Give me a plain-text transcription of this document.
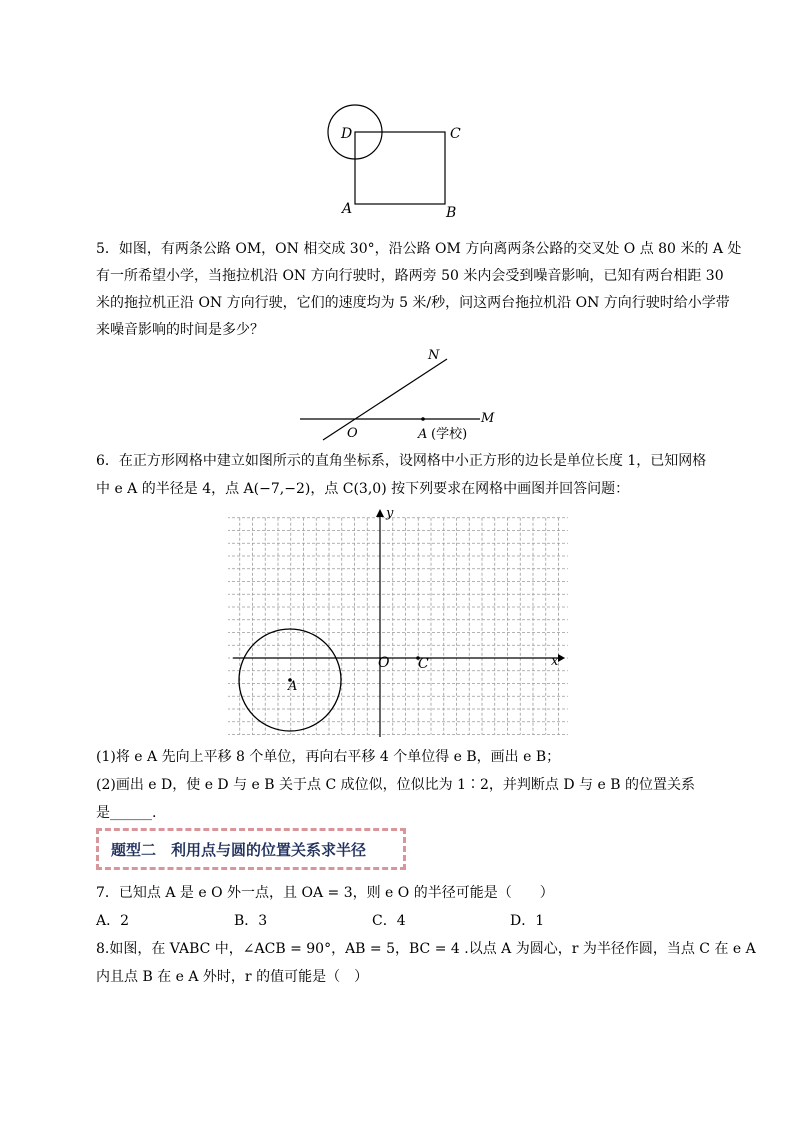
D	C
A	B
5．如图，有两条公路 OM，ON 相交成 30°，沿公路 OM 方向离两条公路的交叉处 O 点 80 米的 A 处
有一所希望小学，当拖拉机沿 ON 方向行驶时，路两旁 50 米内会受到噪音影响，已知有两台相距 30
米的拖拉机正沿 ON 方向行驶，它们的速度均为 5 米/秒，问这两台拖拉机沿 ON 方向行驶时给小学带
来噪音影响的时间是多少？
N
M
O	A (学校)
6．在正方形网格中建立如图所示的直角坐标系，设网格中小正方形的边长是单位长度 1，已知网格
中 e A 的半径是 4，点 A(−7,−2)，点 C(3,0) 按下列要求在网格中画图并回答问题：
y
x
O C
A
(1)将 e A 先向上平移 8 个单位，再向右平移 4 个单位得 e B，画出 e B；
(2)画出 e D，使 e D 与 e B 关于点 C 成位似，位似比为 1∶2，并判断点 D 与 e B 的位置关系
是______.
题型二　利用点与圆的位置关系求半径
7．已知点 A 是 e O 外一点，且 OA = 3，则 e O 的半径可能是（　　）
A．2	B．3	C．4	D．1
8.如图，在 VABC 中，∠ACB = 90°，AB = 5，BC = 4 .以点 A 为圆心，r 为半径作圆，当点 C 在 e A
内且点 B 在 e A 外时，r 的值可能是（　）
